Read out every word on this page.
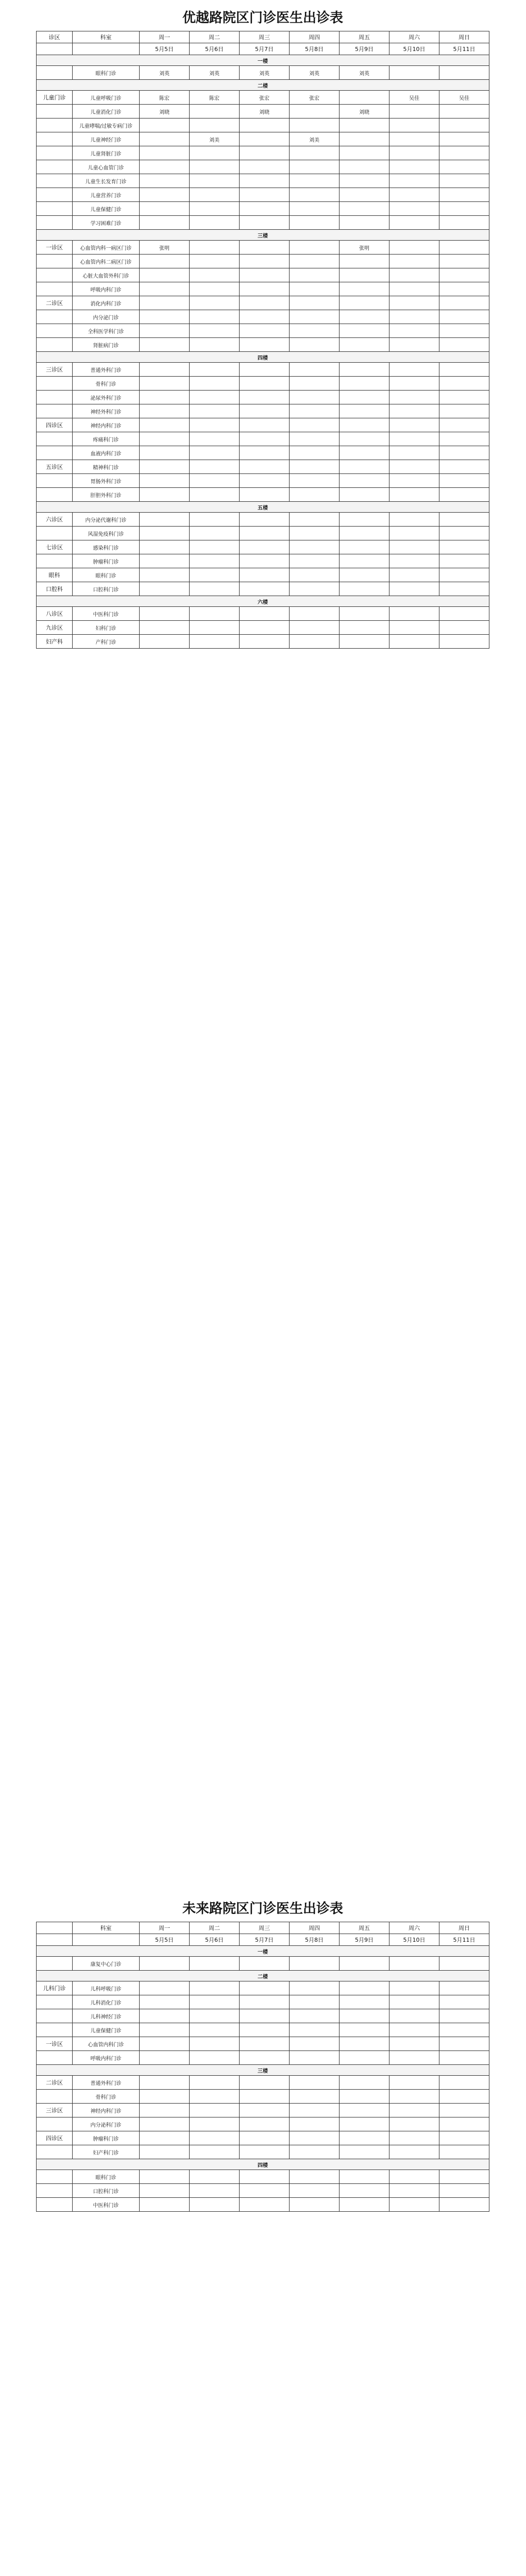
优越路院区门诊医生出诊表
诊区	科室	周一	周二	周三	周四	周五	周六	周日
		5月5日	5月6日	5月7日	5月8日	5月9日	5月10日	5月11日
一楼								
	眼科门诊	刘英	刘英	刘英	刘英	刘英		
二楼								
儿童门诊	儿童呼吸门诊	陈宏	陈宏	张宏	张宏		吴佳	吴佳
	儿童消化门诊	刘晓		刘晓		刘晓		
	儿童哮喘/过敏专病门诊							
	儿童神经门诊		刘美		刘美			
	儿童肾脏门诊							
	儿童心血管门诊							
	儿童生长发育门诊							
	儿童营养门诊							
	儿童保健门诊							
	学习困难门诊							
三楼								
一诊区	心血管内科一病区门诊	张明				张明		
	心血管内科二病区门诊							
	心脏大血管外科门诊							
	呼吸内科门诊							
二诊区	消化内科门诊							
	内分泌门诊							
	全科医学科门诊							
	肾脏病门诊							
四楼								
三诊区	普通外科门诊							
	骨科门诊							
	泌尿外科门诊							
	神经外科门诊							
四诊区	神经内科门诊							
	疼痛科门诊							
	血液内科门诊							
五诊区	精神科门诊							
	胃肠外科门诊							
	肝胆外科门诊							
五楼								
六诊区	内分泌代谢科门诊							
	风湿免疫科门诊							
七诊区	感染科门诊							
	肿瘤科门诊							
眼科	眼科门诊							
口腔科	口腔科门诊							
六楼								
八诊区	中医科门诊							
九诊区	妇科门诊							
妇产科	产科门诊							
未来路院区门诊医生出诊表
	科室	周一	周二	周三	周四	周五	周六	周日
		5月5日	5月6日	5月7日	5月8日	5月9日	5月10日	5月11日
一楼								
	康复中心门诊							
二楼								
儿科门诊	儿科呼吸门诊							
	儿科消化门诊							
	儿科神经门诊							
	儿童保健门诊							
一诊区	心血管内科门诊							
	呼吸内科门诊							
三楼								
二诊区	普通外科门诊							
	骨科门诊							
三诊区	神经内科门诊							
	内分泌科门诊							
四诊区	肿瘤科门诊							
	妇产科门诊							
四楼								
	眼科门诊							
	口腔科门诊							
	中医科门诊							
